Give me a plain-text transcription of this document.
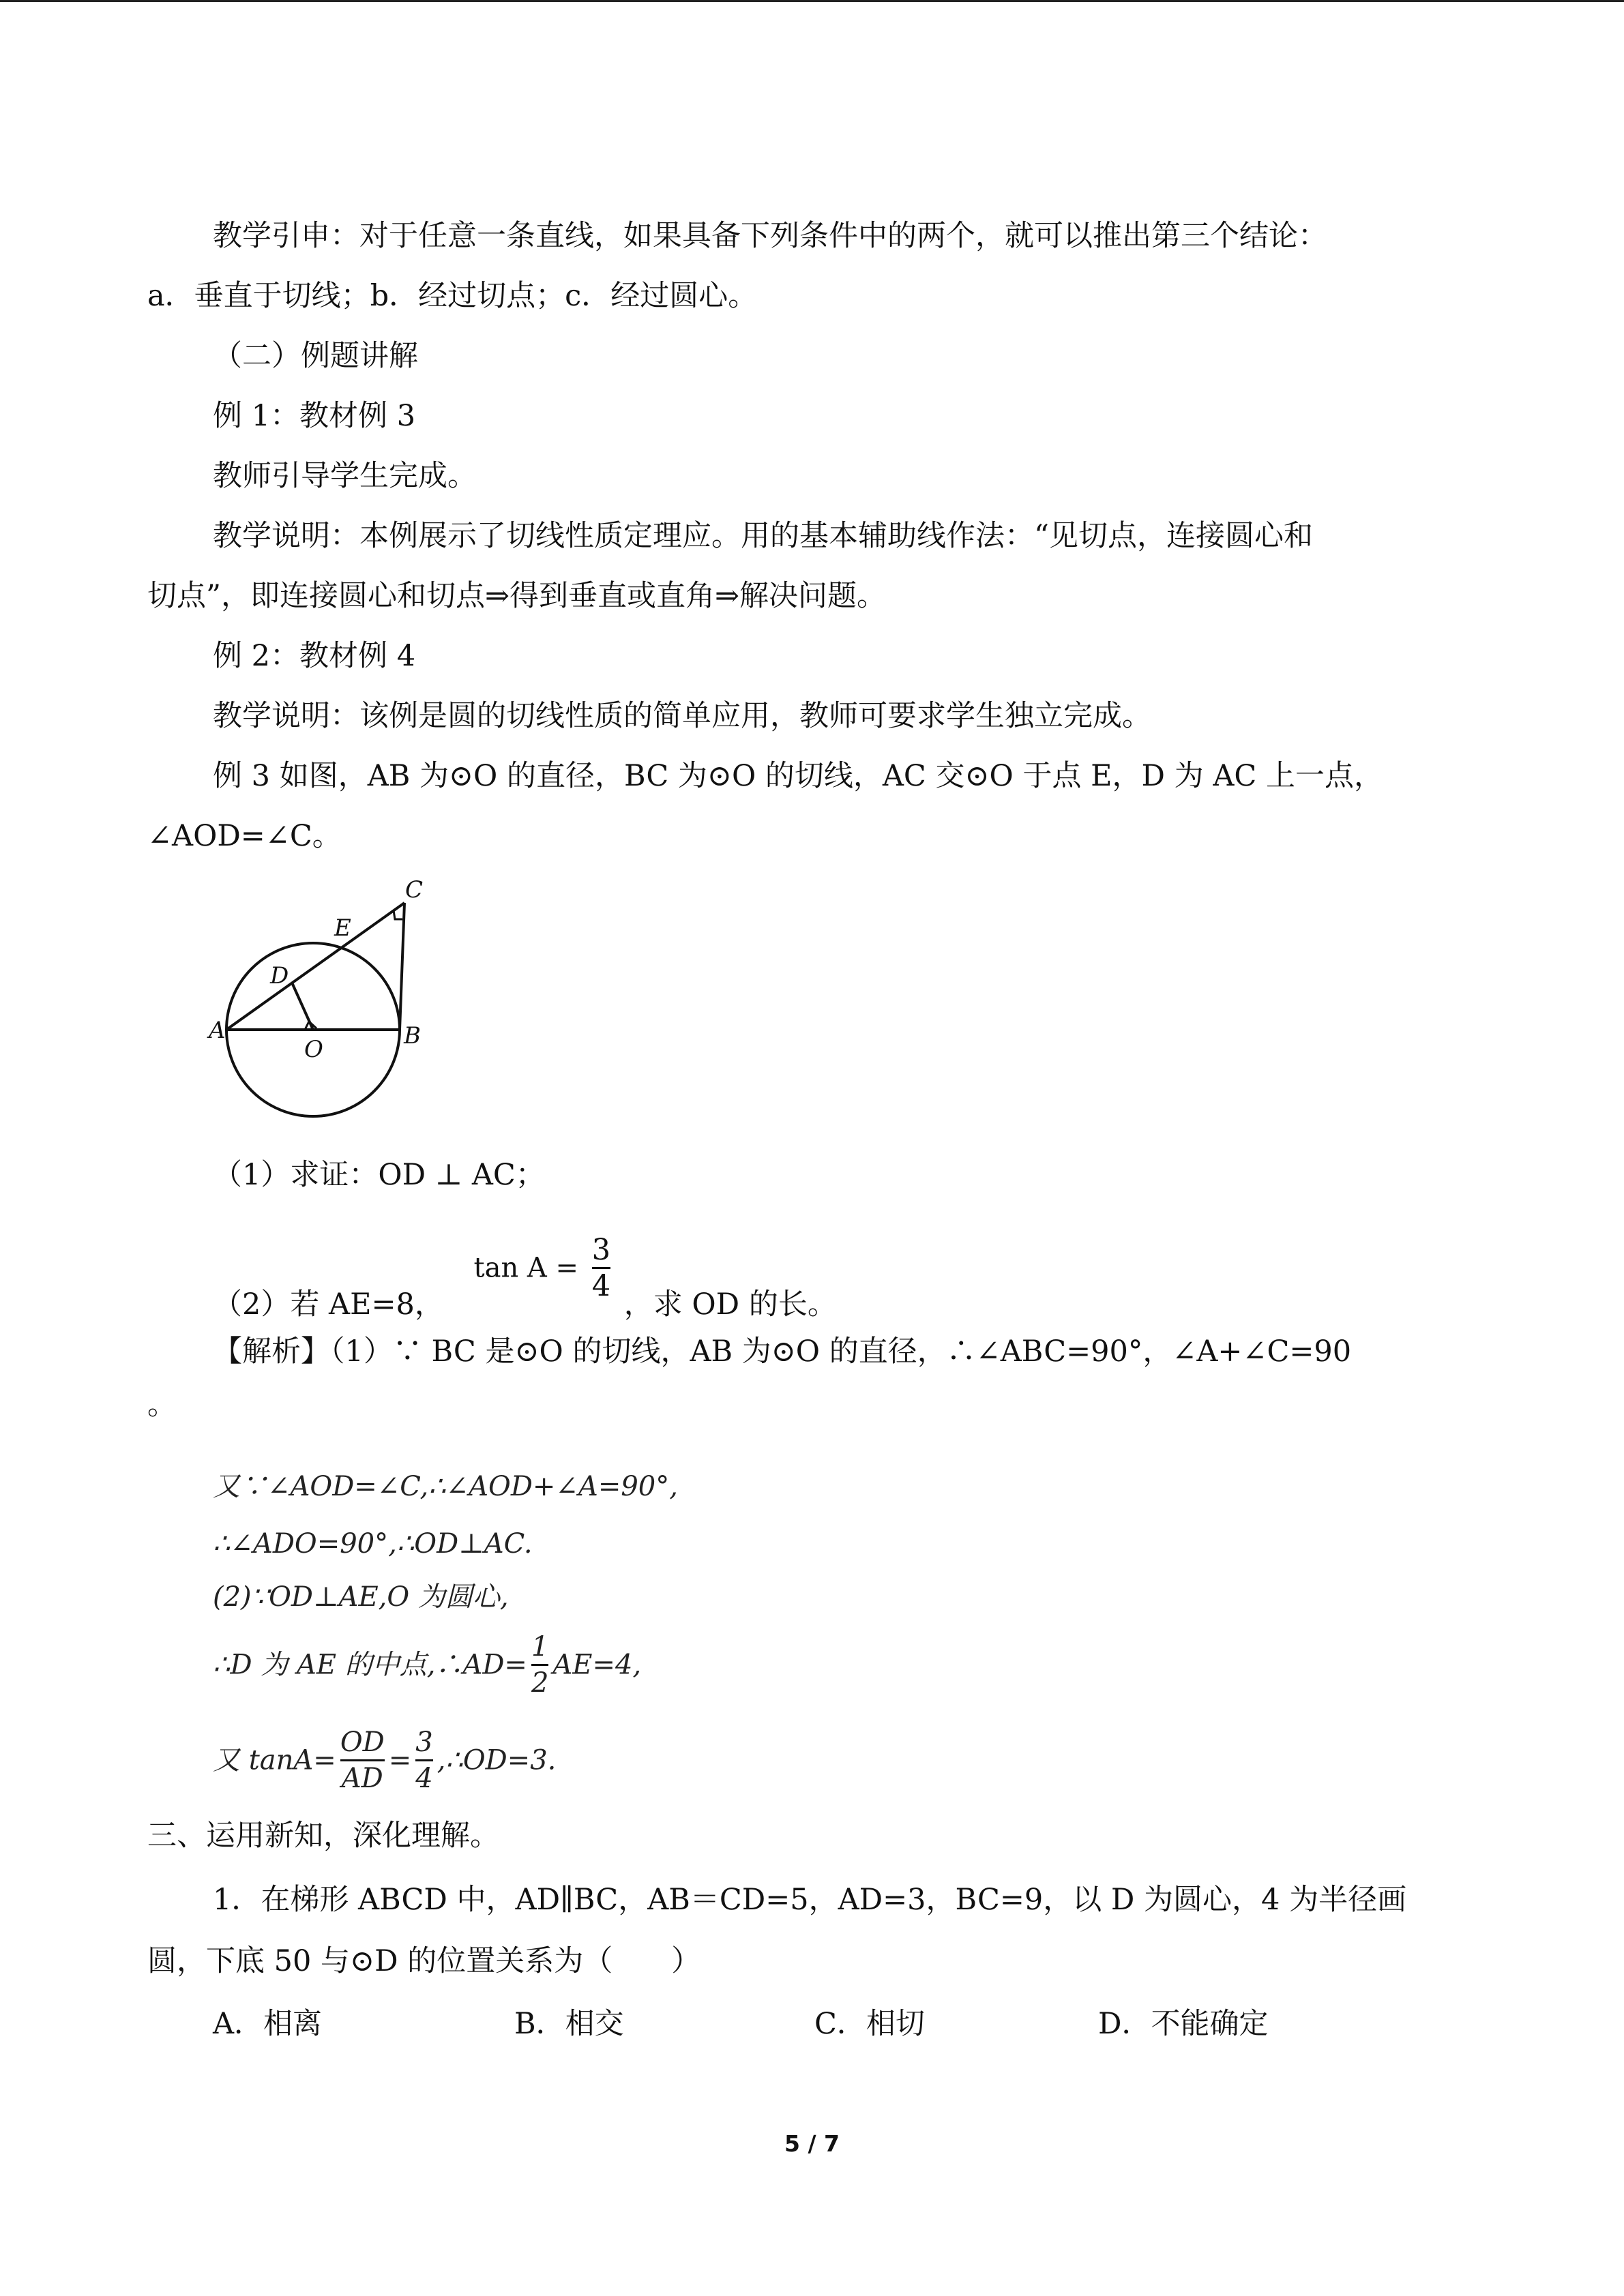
教学引申：对于任意一条直线，如果具备下列条件中的两个，就可以推出第三个结论：
a．垂直于切线；b．经过切点；c．经过圆心。
（二）例题讲解
例 1：教材例 3
教师引导学生完成。
教学说明：本例展示了切线性质定理应。用的基本辅助线作法：“见切点，连接圆心和
切点”，即连接圆心和切点⇒得到垂直或直角⇒解决问题。
例 2：教材例 4
教学说明：该例是圆的切线性质的简单应用，教师可要求学生独立完成。
例 3 如图，AB 为⊙O 的直径，BC 为⊙O 的切线，AC 交⊙O 于点 E，D 为 AC 上一点，
∠AOD=∠C。
A	B
C
D
E
O
（1）求证：OD ⊥ AC；
（2）若 AE=8， $\tan A = \frac{3}{4}$
，求 OD 的长。
【解析】（1）∵ BC 是⊙O 的切线，AB 为⊙O 的直径，∴∠ABC=90°，∠A+∠C=90
。
又∵∠AOD=∠C,∴∠AOD+∠A=90°,
∴∠ADO=90°,∴OD⊥AC.
(2)∵OD⊥AE,O 为圆心,
∴D 为 AE 的中点,∴AD= $\frac{1}{2} AE=4$,
又 $\tan A= \frac{OD}{AD} = \frac{3}{4}$ ,∴OD=3.
三、运用新知，深化理解。
1．在梯形 ABCD 中，AD∥BC，AB＝CD=5，AD=3，BC=9，以 D 为圆心，4 为半径画
圆，下底 50 与⊙D 的位置关系为（　　）
A．相离	B．相交	C．相切	D．不能确定
5 / 7
